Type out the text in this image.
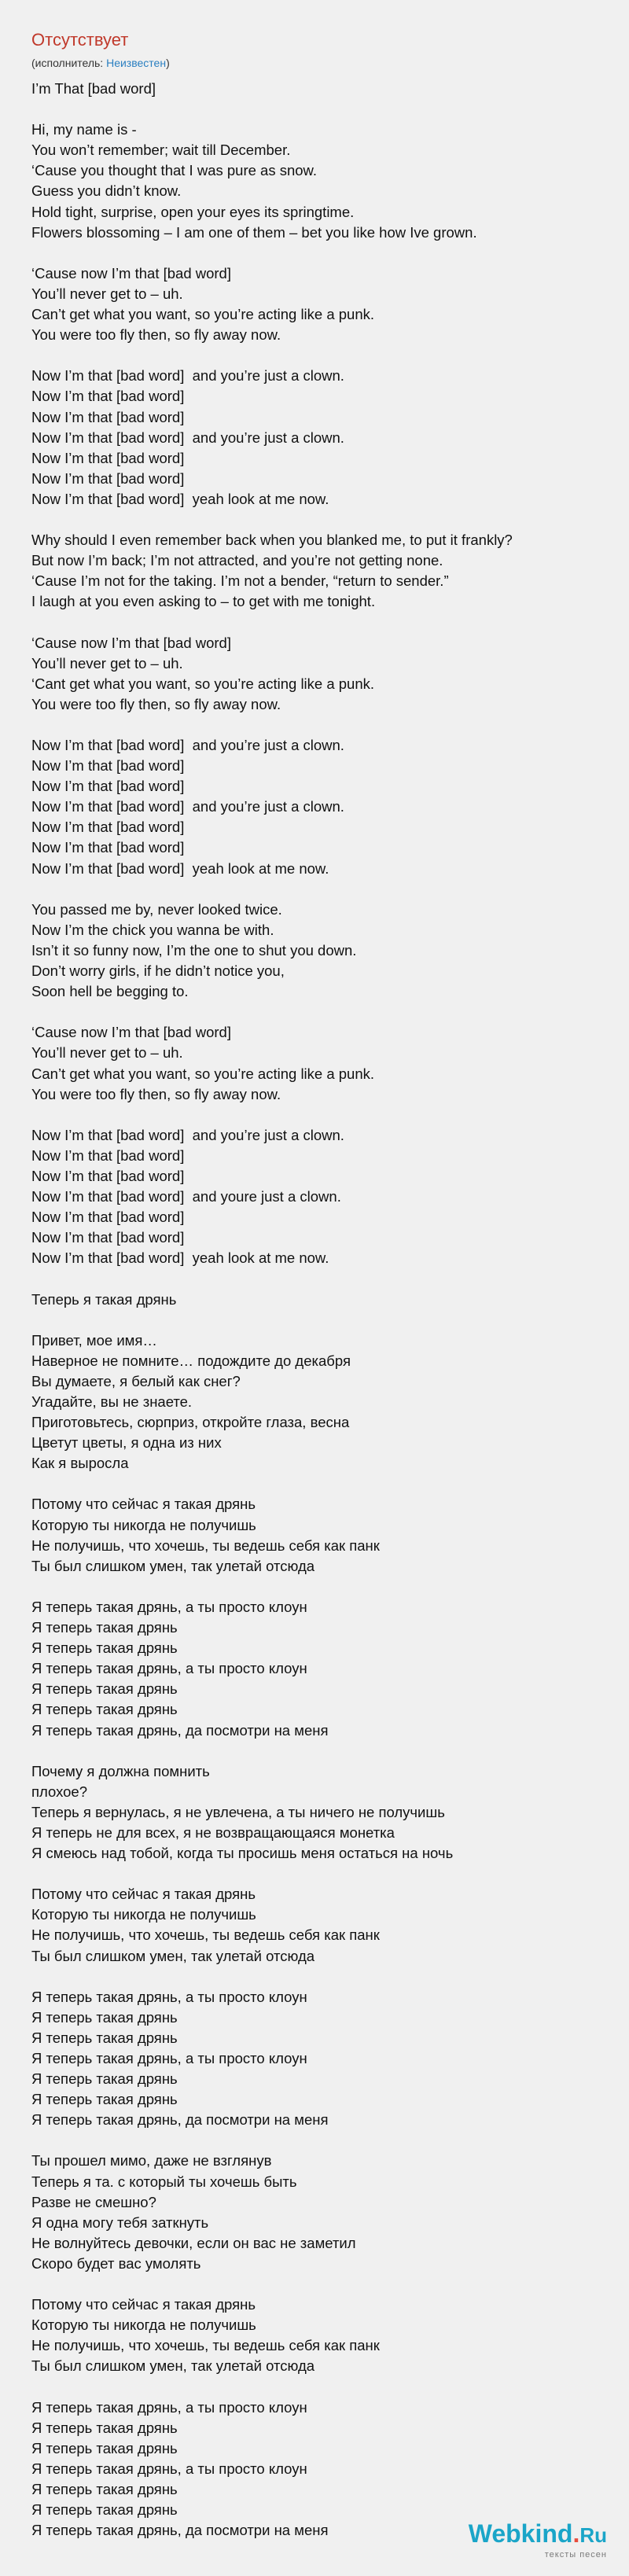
Отсутствует
(исполнитель: Неизвестен)
I’m That [bad word]

Hi, my name is -
You won’t remember; wait till December.
‘Cause you thought that I was pure as snow.
Guess you didn’t know.
Hold tight, surprise, open your eyes its springtime.
Flowers blossoming – I am one of them – bet you like how Ive grown.

‘Cause now I’m that [bad word]
You’ll never get to – uh.
Can’t get what you want, so you’re acting like a punk.
You were too fly then, so fly away now.

Now I’m that [bad word]  and you’re just a clown.
Now I’m that [bad word]
Now I’m that [bad word]
Now I’m that [bad word]  and you’re just a clown.
Now I’m that [bad word]
Now I’m that [bad word]
Now I’m that [bad word]  yeah look at me now.

Why should I even remember back when you blanked me, to put it frankly?
But now I’m back; I’m not attracted, and you’re not getting none.
‘Cause I’m not for the taking. I’m not a bender, “return to sender.”
I laugh at you even asking to – to get with me tonight.

‘Cause now I’m that [bad word]
You’ll never get to – uh.
‘Cant get what you want, so you’re acting like a punk.
You were too fly then, so fly away now.

Now I’m that [bad word]  and you’re just a clown.
Now I’m that [bad word]
Now I’m that [bad word]
Now I’m that [bad word]  and you’re just a clown.
Now I’m that [bad word]
Now I’m that [bad word]
Now I’m that [bad word]  yeah look at me now.

You passed me by, never looked twice.
Now I’m the chick you wanna be with.
Isn’t it so funny now, I’m the one to shut you down.
Don’t worry girls, if he didn’t notice you,
Soon hell be begging to.

‘Cause now I’m that [bad word]
You’ll never get to – uh.
Can’t get what you want, so you’re acting like a punk.
You were too fly then, so fly away now.

Now I’m that [bad word]  and you’re just a clown.
Now I’m that [bad word]
Now I’m that [bad word]
Now I’m that [bad word]  and youre just a clown.
Now I’m that [bad word]
Now I’m that [bad word]
Now I’m that [bad word]  yeah look at me now.

Теперь я такая дрянь

Привет, мое имя…
Наверное не помните… подождите до декабря
Вы думаете, я белый как снег?
Угадайте, вы не знаете.
Приготовьтесь, сюрприз, откройте глаза, весна
Цветут цветы, я одна из них
Как я выросла

Потому что сейчас я такая дрянь
Которую ты никогда не получишь
Не получишь, что хочешь, ты ведешь себя как панк
Ты был слишком умен, так улетай отсюда

Я теперь такая дрянь, а ты просто клоун
Я теперь такая дрянь
Я теперь такая дрянь
Я теперь такая дрянь, а ты просто клоун
Я теперь такая дрянь
Я теперь такая дрянь
Я теперь такая дрянь, да посмотри на меня

Почему я должна помнить
плохое?
Теперь я вернулась, я не увлечена, а ты ничего не получишь
Я теперь не для всех, я не возвращающаяся монетка
Я смеюсь над тобой, когда ты просишь меня остаться на ночь

Потому что сейчас я такая дрянь
Которую ты никогда не получишь
Не получишь, что хочешь, ты ведешь себя как панк
Ты был слишком умен, так улетай отсюда

Я теперь такая дрянь, а ты просто клоун
Я теперь такая дрянь
Я теперь такая дрянь
Я теперь такая дрянь, а ты просто клоун
Я теперь такая дрянь
Я теперь такая дрянь
Я теперь такая дрянь, да посмотри на меня

Ты прошел мимо, даже не взглянув
Теперь я та. с который ты хочешь быть
Разве не смешно?
Я одна могу тебя заткнуть
Не волнуйтесь девочки, если он вас не заметил
Скоро будет вас умолять

Потому что сейчас я такая дрянь
Которую ты никогда не получишь
Не получишь, что хочешь, ты ведешь себя как панк
Ты был слишком умен, так улетай отсюда

Я теперь такая дрянь, а ты просто клоун
Я теперь такая дрянь
Я теперь такая дрянь
Я теперь такая дрянь, а ты просто клоун
Я теперь такая дрянь
Я теперь такая дрянь
Я теперь такая дрянь, да посмотри на меня	Webkind.Ru
тексты песен
